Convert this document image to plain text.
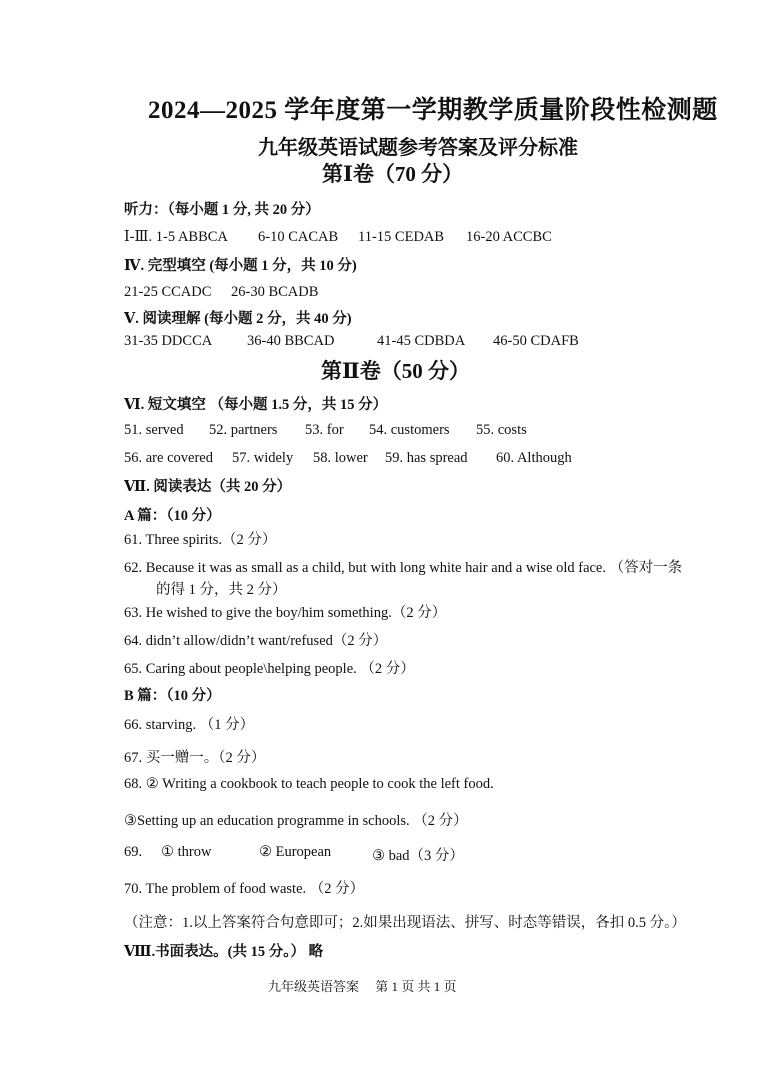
2024—2025 学年度第一学期教学质量阶段性检测题
九年级英语试题参考答案及评分标准
第Ⅰ卷（70 分）
听力：（每小题 1 分, 共 20 分）
Ⅰ-Ⅲ. 1-5 ABBCA 6-10 CACAB 11-15 CEDAB 16-20 ACCBC
Ⅳ. 完型填空 (每小题 1 分，共 10 分)
21-25 CCADC 26-30 BCADB
Ⅴ. 阅读理解 (每小题 2 分，共 40 分)
31-35 DDCCA 36-40 BBCAD	41-45 CDBDA 46-50 CDAFB
第Ⅱ卷（50 分）
Ⅵ. 短文填空 （每小题 1.5 分，共 15 分）
51. served 52. partners 53. for 54. customers 55. costs
56. are covered 57. widely 58. lower 59. has spread 60. Although
Ⅶ. 阅读表达（共 20 分）
A 篇：（10 分）
61. Three spirits.（2 分）
62. Because it was as small as a child, but with long white hair and a wise old face. （答对一条
的得 1 分，共 2 分）
63. He wished to give the boy/him something.（2 分）
64. didn’t allow/didn’t want/refused（2 分）
65. Caring about people\helping people. （2 分）
B 篇：（10 分）
66. starving. （1 分）
67. 买一赠一。（2 分）
68. ② Writing a cookbook to teach people to cook the left food.
③Setting up an education programme in schools. （2 分）
69. ① throw	② European	③ bad（3 分）
70. The problem of food waste. （2 分）
（注意：1.以上答案符合句意即可；2.如果出现语法、拼写、时态等错误，各扣 0.5 分。）
Ⅷ.书面表达。(共 15 分。） 略
九年级英语答案　 第 1 页 共 1 页
